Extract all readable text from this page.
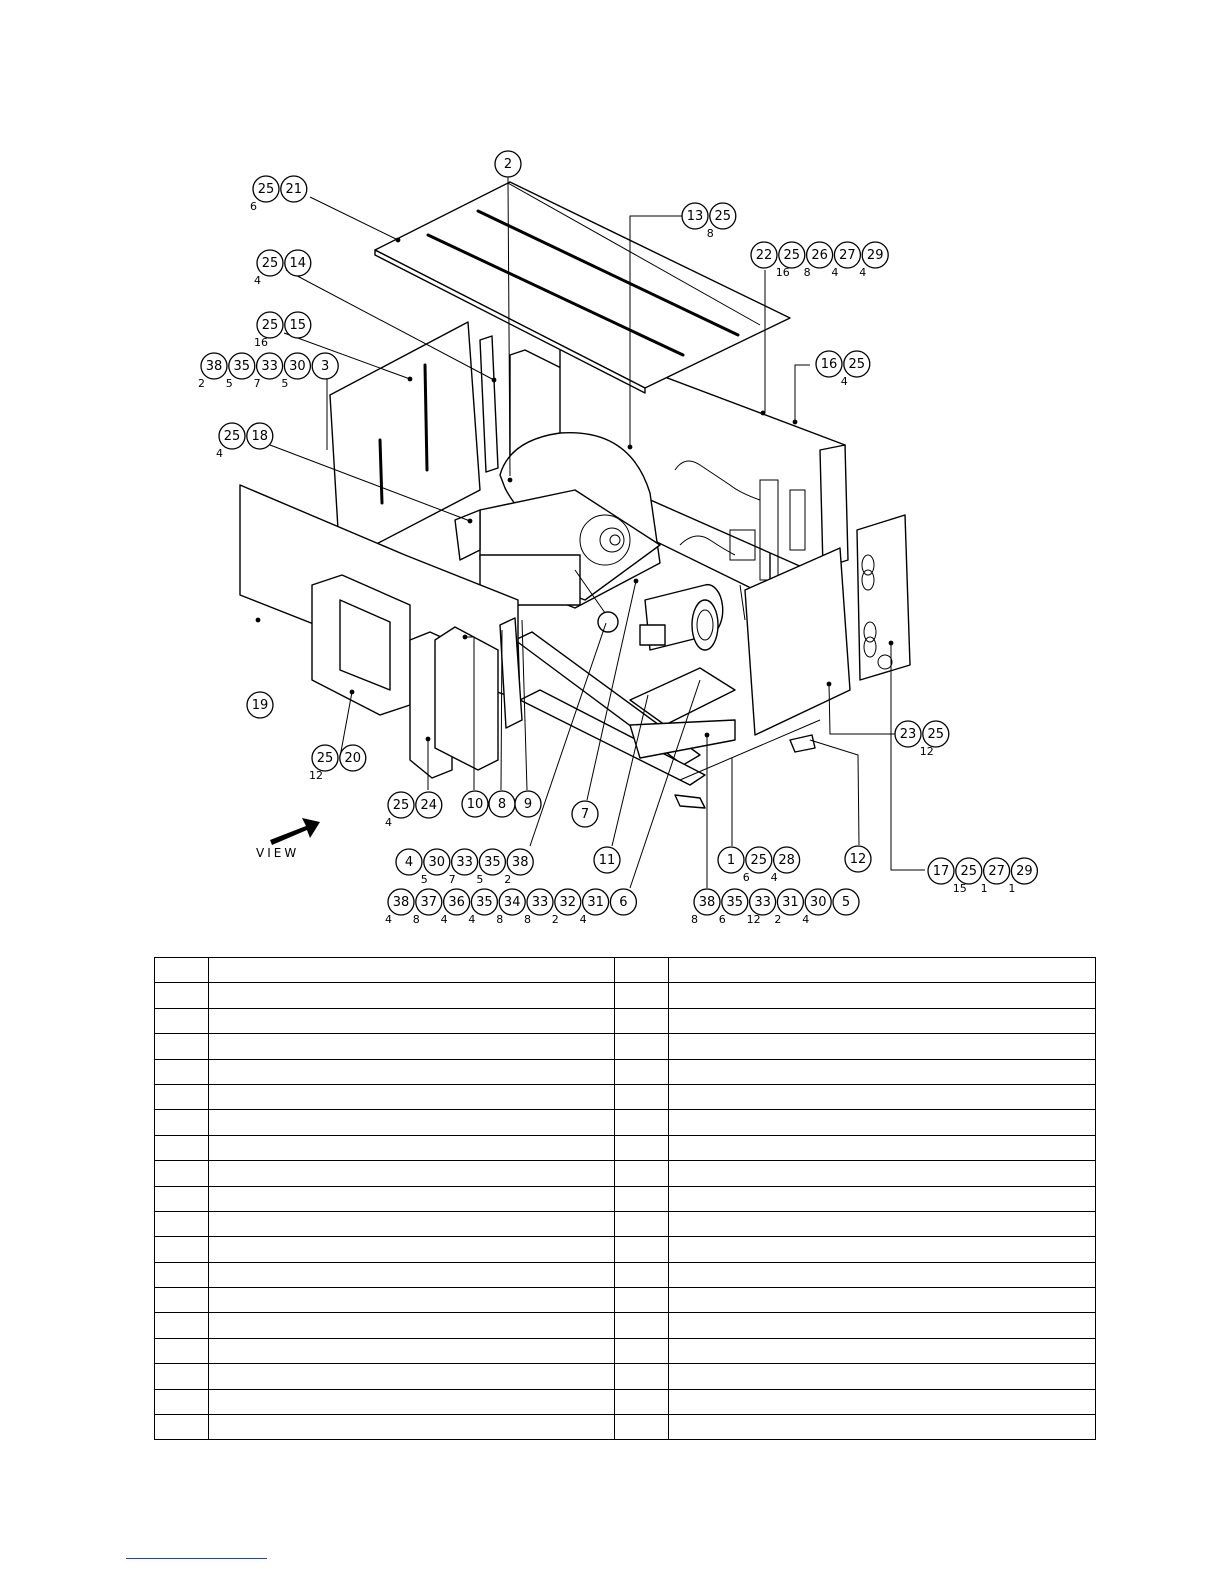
2
25
6
21
13 25
8
22 25
16
26
8
27
4
29
4
25
4
14
25
16
15
38
2
35
5
33
7
30
5
3	16 25
4
25
4
18
19
23 25
12
25
12
20
25
4
24 10 8 9
7
11	1 25
6
28
4
12
17 25
15
27
1
29
1
4 30
5
33
7
35
5
38
2
38
4
37
8
36
4
35
4
34
8
33
8
32
2
31
4
6	38
8
35
6
33
12
31
2
30
4
5
VIEW
